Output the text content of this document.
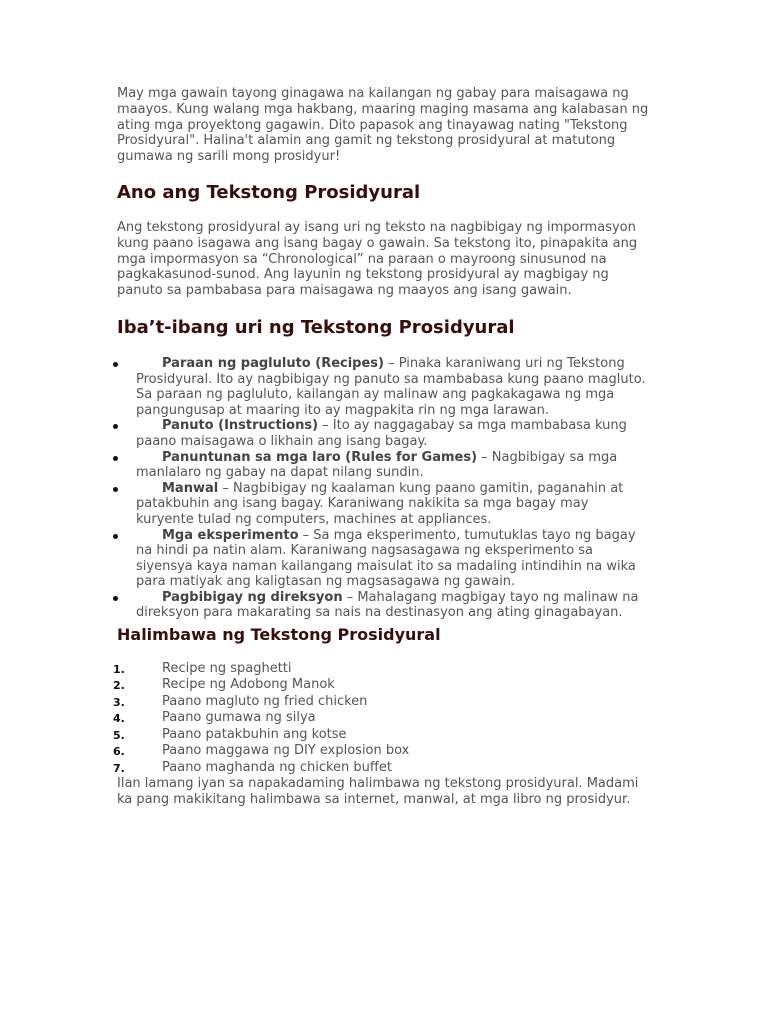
May mga gawain tayong ginagawa na kailangan ng gabay para maisagawa ng maayos. Kung walang mga hakbang, maaring maging masama ang kalabasan ng ating mga proyektong gagawin. Dito papasok ang tinayawag nating "Tekstong Prosidyural". Halina't alamin ang gamit ng tekstong prosidyural at matutong gumawa ng sarili mong prosidyur!

Ano ang Tekstong Prosidyural

Ang tekstong prosidyural ay isang uri ng teksto na nagbibigay ng impormasyon kung paano isagawa ang isang bagay o gawain. Sa tekstong ito, pinapakita ang mga impormasyon sa “Chronological” na paraan o mayroong sinusunod na pagkakasunod-sunod. Ang layunin ng tekstong prosidyural ay magbigay ng panuto sa pambabasa para maisagawa ng maayos ang isang gawain.

Iba’t-ibang uri ng Tekstong Prosidyural
Paraan ng pagluluto (Recipes) – Pinaka karaniwang uri ng Tekstong Prosidyural. Ito ay nagbibigay ng panuto sa mambabasa kung paano magluto. Sa paraan ng pagluluto, kailangan ay malinaw ang pagkakagawa ng mga pangungusap at maaring ito ay magpakita rin ng mga larawan.
Panuto (Instructions) – Ito ay naggagabay sa mga mambabasa kung paano maisagawa o likhain ang isang bagay.
Panuntunan sa mga laro (Rules for Games) – Nagbibigay sa mga manlalaro ng gabay na dapat nilang sundin.
Manwal – Nagbibigay ng kaalaman kung paano gamitin, paganahin at patakbuhin ang isang bagay. Karaniwang nakikita sa mga bagay may kuryente tulad ng computers, machines at appliances.
Mga eksperimento – Sa mga eksperimento, tumutuklas tayo ng bagay na hindi pa natin alam. Karaniwang nagsasagawa ng eksperimento sa siyensya kaya naman kailangang maisulat ito sa madaling intindihin na wika para matiyak ang kaligtasan ng magsasagawa ng gawain.
Pagbibigay ng direksyon – Mahalagang magbigay tayo ng malinaw na direksyon para makarating sa nais na destinasyon ang ating ginagabayan.
Halimbawa ng Tekstong Prosidyural
1.	Recipe ng spaghetti
2.	Recipe ng Adobong Manok
3.	Paano magluto ng fried chicken
4.	Paano gumawa ng silya
5.	Paano patakbuhin ang kotse
6.	Paano maggawa ng DIY explosion box
7.	Paano maghanda ng chicken buffet

Ilan lamang iyan sa napakadaming halimbawa ng tekstong prosidyural. Madami ka pang makikitang halimbawa sa internet, manwal, at mga libro ng prosidyur.
